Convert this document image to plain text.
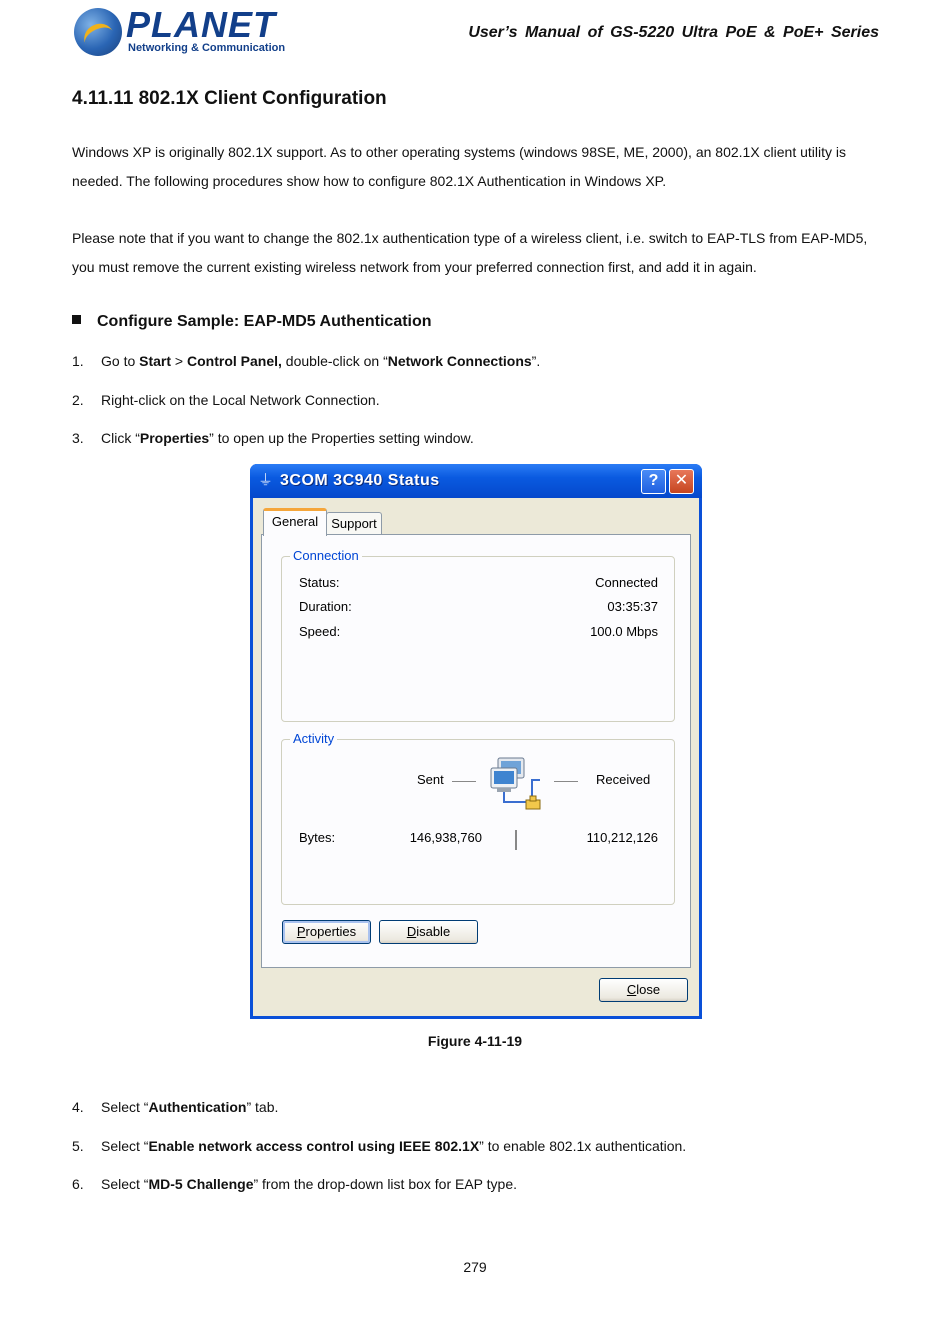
PLANET
Networking & Communication
User’s Manual of GS-5220 Ultra PoE & PoE+ Series
4.11.11 802.1X Client Configuration
Windows XP is originally 802.1X support. As to other operating systems (windows 98SE, ME, 2000), an 802.1X client utility is needed. The following procedures show how to configure 802.1X Authentication in Windows XP.
Please note that if you want to change the 802.1x authentication type of a wireless client, i.e. switch to EAP-TLS from EAP-MD5, you must remove the current existing wireless network from your preferred connection first, and add it in again.
Configure Sample: EAP-MD5 Authentication
1. Go to Start > Control Panel, double-click on “Network Connections”.
2. Right-click on the Local Network Connection.
3. Click “Properties” to open up the Properties setting window.
⏚ 3COM 3C940 Status	?	✕
General	Support
Connection
Status:	Connected
Duration:	03:35:37
Speed:	100.0 Mbps
Activity
Sent	Received
Bytes:	146,938,760	110,212,126
Properties	Disable
Close
Figure 4-11-19
4. Select “Authentication” tab.
5. Select “Enable network access control using IEEE 802.1X” to enable 802.1x authentication.
6. Select “MD-5 Challenge” from the drop-down list box for EAP type.
279
